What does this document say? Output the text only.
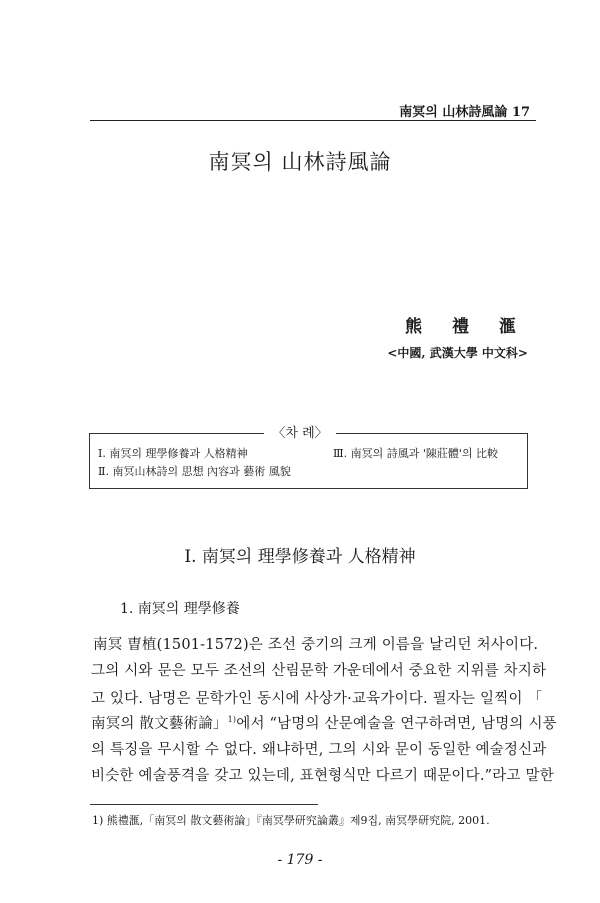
南冥의 山林詩風論 17
南冥의 山林詩風論
熊禮滙
<中國, 武漢大學 中文科>
〈차 례〉
Ⅰ. 南冥의 理學修養과 人格精神	Ⅲ. 南冥의 詩風과 '陳莊體'의 比較
Ⅱ. 南冥山林詩의 思想 內容과 藝術 風貌
Ⅰ. 南冥의 理學修養과 人格精神
1. 南冥의 理學修養
南冥 曺植(1501-1572)은 조선 중기의 크게 이름을 날리던 처사이다.
그의 시와 문은 모두 조선의 산림문학 가운데에서 중요한 지위를 차지하
고 있다. 남명은 문학가인 동시에 사상가·교육가이다. 필자는 일찍이 「
南冥의 散文藝術論」$^{1)}$에서 “남명의 산문예술을 연구하려면, 남명의 시풍
의 특징을 무시할 수 없다. 왜냐하면, 그의 시와 문이 동일한 예술정신과
비슷한 예술풍격을 갖고 있는데, 표현형식만 다르기 때문이다.”라고 말한
1) 熊禮滙,「南冥의 散文藝術論」『南冥學研究論叢』제9집, 南冥學研究院, 2001.
- 179 -
